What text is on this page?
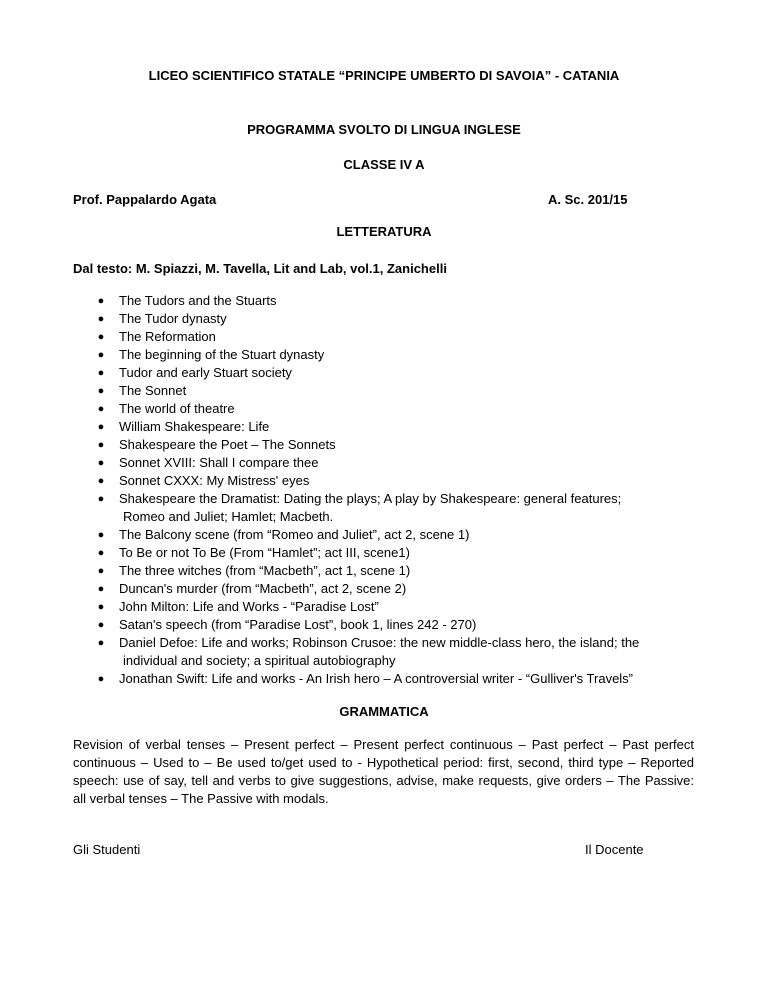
LICEO SCIENTIFICO STATALE “PRINCIPE UMBERTO DI SAVOIA” - CATANIA
PROGRAMMA SVOLTO DI LINGUA INGLESE
CLASSE IV A
Prof. Pappalardo Agata	A. Sc. 201/15
LETTERATURA
Dal testo: M. Spiazzi, M. Tavella, Lit and Lab, vol.1, Zanichelli
● The Tudors and the Stuarts
● The Tudor dynasty
● The Reformation
● The beginning of the Stuart dynasty
● Tudor and early Stuart society
● The Sonnet
● The world of theatre
● William Shakespeare: Life
● Shakespeare the Poet – The Sonnets
● Sonnet XVIII: Shall I compare thee
● Sonnet CXXX: My Mistress' eyes
● Shakespeare the Dramatist: Dating the plays; A play by Shakespeare: general features;
Romeo and Juliet; Hamlet; Macbeth.
● The Balcony scene (from “Romeo and Juliet”, act 2, scene 1)
● To Be or not To Be (From “Hamlet”; act III, scene1)
● The three witches (from “Macbeth”, act 1, scene 1)
● Duncan's murder (from “Macbeth”, act 2, scene 2)
● John Milton: Life and Works - “Paradise Lost”
● Satan's speech (from “Paradise Lost”, book 1, lines 242 - 270)
● Daniel Defoe: Life and works; Robinson Crusoe: the new middle-class hero, the island; the
individual and society; a spiritual autobiography
● Jonathan Swift: Life and works - An Irish hero – A controversial writer - “Gulliver's Travels”
GRAMMATICA
Revision of verbal tenses – Present perfect – Present perfect continuous – Past perfect – Past perfect continuous – Used to – Be used to/get used to - Hypothetical period: first, second, third type – Reported speech: use of say, tell and verbs to give suggestions, advise, make requests, give orders – The Passive: all verbal tenses – The Passive with modals.
Gli Studenti	Il Docente
